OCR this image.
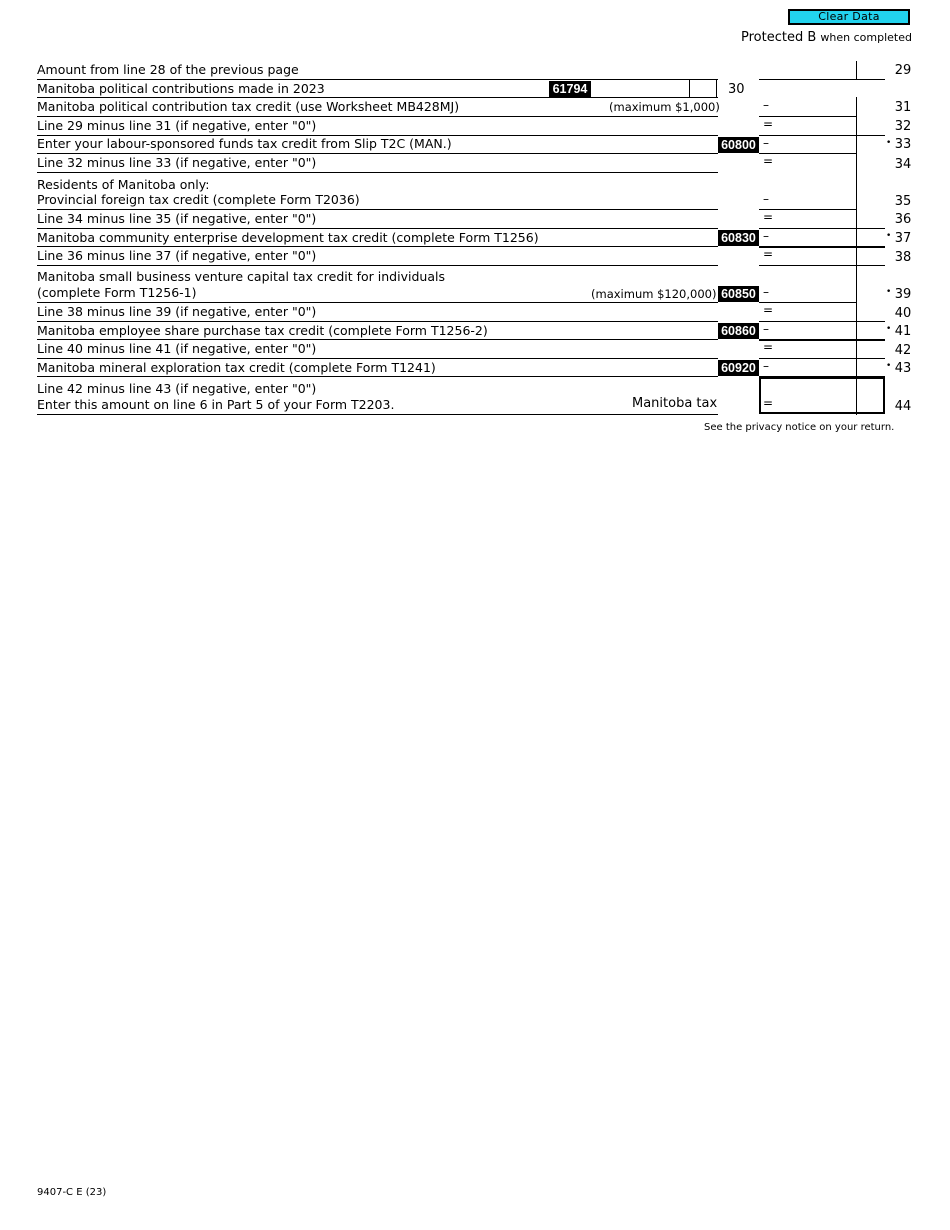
Clear Data
Protected B when completed
Amount from line 28 of the previous page	29
Manitoba political contributions made in 2023	61794	30
Manitoba political contribution tax credit (use Worksheet MB428MJ)	(maximum $1,000)	–	31
Line 29 minus line 31 (if negative, enter "0")	=	32
Enter your labour-sponsored funds tax credit from Slip T2C (MAN.)	60800 –	• 33
Line 32 minus line 33 (if negative, enter "0")	=	34
Residents of Manitoba only:
Provincial foreign tax credit (complete Form T2036)	–	35
Line 34 minus line 35 (if negative, enter "0")	=	36
Manitoba community enterprise development tax credit (complete Form T1256)	60830 –	• 37
Line 36 minus line 37 (if negative, enter "0")	=	38
Manitoba small business venture capital tax credit for individuals
(complete Form T1256-1)	(maximum $120,000) 60850 –	• 39
Line 38 minus line 39 (if negative, enter "0")	=	40
Manitoba employee share purchase tax credit (complete Form T1256-2)	60860 –	• 41
Line 40 minus line 41 (if negative, enter "0")	=	42
Manitoba mineral exploration tax credit (complete Form T1241)	60920 –	• 43
Line 42 minus line 43 (if negative, enter "0")
Enter this amount on line 6 in Part 5 of your Form T2203.	Manitoba tax	=	44
See the privacy notice on your return.
9407-C E (23)
